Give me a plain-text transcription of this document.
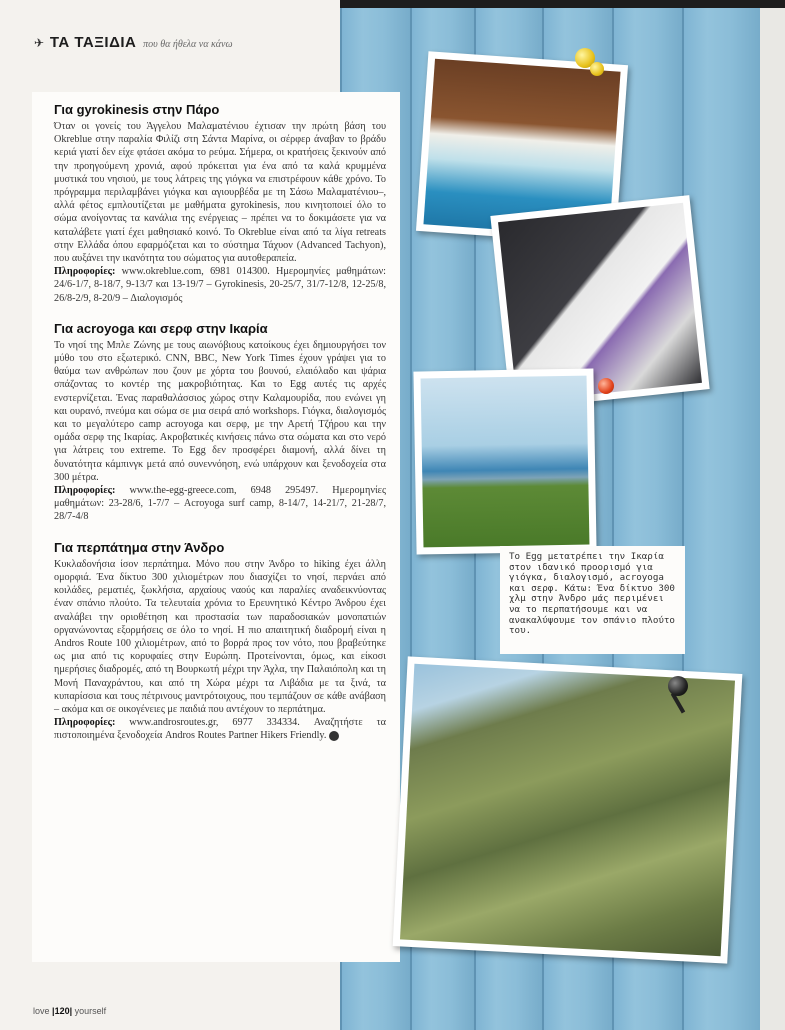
✈ ΤΑ ΤΑΞΙΔΙΑ που θα ήθελα να κάνω
Για gyrokinesis στην Πάρο

Όταν οι γονείς του Άγγελου Μαλαματένιου έχτισαν την πρώτη βάση του Okreblue στην παραλία Φιλίζι στη Σάντα Μαρίνα, οι σέρφερ άναβαν το βράδυ κεριά γιατί δεν είχε φτάσει ακόμα το ρεύμα. Σήμερα, οι κρατήσεις ξεκινούν από την προηγούμενη χρονιά, αφού πρόκειται για ένα από τα καλά κρυμμένα μυστικά του νησιού, με τους λάτρεις της γιόγκα να επιστρέφουν κάθε χρόνο. Το πρόγραμμα περιλαμβάνει γιόγκα και αγιουρβέδα με τη Σάσω Μαλαματένιου–, αλλά φέτος εμπλουτίζεται με μαθήματα gyrokinesis, που κινητοποιεί όλο το σώμα ανοίγοντας τα κανάλια της ενέργειας – πρέπει να το δοκιμάσετε για να καταλάβετε γιατί έχει μαθησιακό κοινό. Το Okreblue είναι από τα λίγα retreats στην Ελλάδα όπου εφαρμόζεται και το σύστημα Τάχυον (Advanced Tachyon), που αυξάνει την ικανότητα του σώματος για αυτοθεραπεία.

Πληροφορίες: www.okreblue.com, 6981 014300. Ημερομηνίες μαθημάτων: 24/6-1/7, 8-18/7, 9-13/7 και 13-19/7 – Gyrokinesis, 20-25/7, 31/7-12/8, 12-25/8, 26/8-2/9, 8-20/9 – Διαλογισμός

Για acroyoga και σερφ στην Ικαρία

Το νησί της Μπλε Ζώνης με τους αιωνόβιους κατοίκους έχει δημιουργήσει τον μύθο του στο εξωτερικό. CNN, BBC, New York Times έχουν γράψει για το θαύμα των ανθρώπων που ζουν με χόρτα του βουνού, ελαιόλαδο και ψάρια σπάζοντας το κοντέρ της μακροβιότητας. Και το Egg αυτές τις αρχές ενστερνίζεται. Ένας παραθαλάσσιος χώρος στην Καλαμουρίδα, που ενώνει γη και ουρανό, πνεύμα και σώμα σε μια σειρά από workshops. Γιόγκα, διαλογισμός και το μεγαλύτερο camp acroyoga και σερφ, με την Αρετή Τζήρου και την ομάδα σερφ της Ικαρίας. Ακροβατικές κινήσεις πάνω στα σώματα και στο νερό για λάτρεις του extreme. Το Egg δεν προσφέρει διαμονή, αλλά δίνει τη δυνατότητα κάμπινγκ μετά από συνεννόηση, ενώ υπάρχουν και ξενοδοχεία στα 300 μέτρα.

Πληροφορίες: www.the-egg-greece.com, 6948 295497. Ημερομηνίες μαθημάτων: 23-28/6, 1-7/7 – Acroyoga surf camp, 8-14/7, 14-21/7, 21-28/7, 28/7-4/8

Για περπάτημα στην Άνδρο

Κυκλαδονήσια ίσον περπάτημα. Μόνο που στην Άνδρο το hiking έχει άλλη ομορφιά. Ένα δίκτυο 300 χιλιομέτρων που διασχίζει το νησί, περνάει από κοιλάδες, ρεματιές, ξωκλήσια, αρχαίους ναούς και παραλίες αναδεικνύοντας έναν σπάνιο πλούτο. Τα τελευταία χρόνια το Ερευνητικό Κέντρο Άνδρου έχει αναλάβει την οριοθέτηση και προστασία των παραδοσιακών μονοπατιών οργανώνοντας εξορμήσεις σε όλο το νησί. Η πιο απαιτητική διαδρομή είναι η Andros Route 100 χιλιομέτρων, από το βορρά προς τον νότο, που βραβεύτηκε ως μια από τις κορυφαίες στην Ευρώπη. Προτείνονται, όμως, και είκοσι ημερήσιες διαδρομές, από τη Βουρκωτή μέχρι την Άχλα, την Παλαιόπολη και τη Μονή Παναχράντου, και από τη Χώρα μέχρι τα Λιβάδια με τα ξινά, τα κυπαρίσσια και τους πέτρινους μαντρότοιχους, που τεμπάζουν σε κάθε ανάβαση – ακόμα και σε οικογένειες με παιδιά που αντέχουν το περπάτημα.

Πληροφορίες: www.androsroutes.gr, 6977 334334. Αναζητήστε τα πιστοποιημένα ξενοδοχεία Andros Routes Partner Hikers Friendly.

Το Egg μετατρέπει την Ικαρία στον ιδανικό προορισμό για γιόγκα, διαλογισμό, acroyoga και σερφ. Κάτω: Ένα δίκτυο 300 χλμ στην Άνδρο μάς περιμένει να το περπατήσουμε και να ανακαλύψουμε τον σπάνιο πλούτο του.
love |120| yourself
